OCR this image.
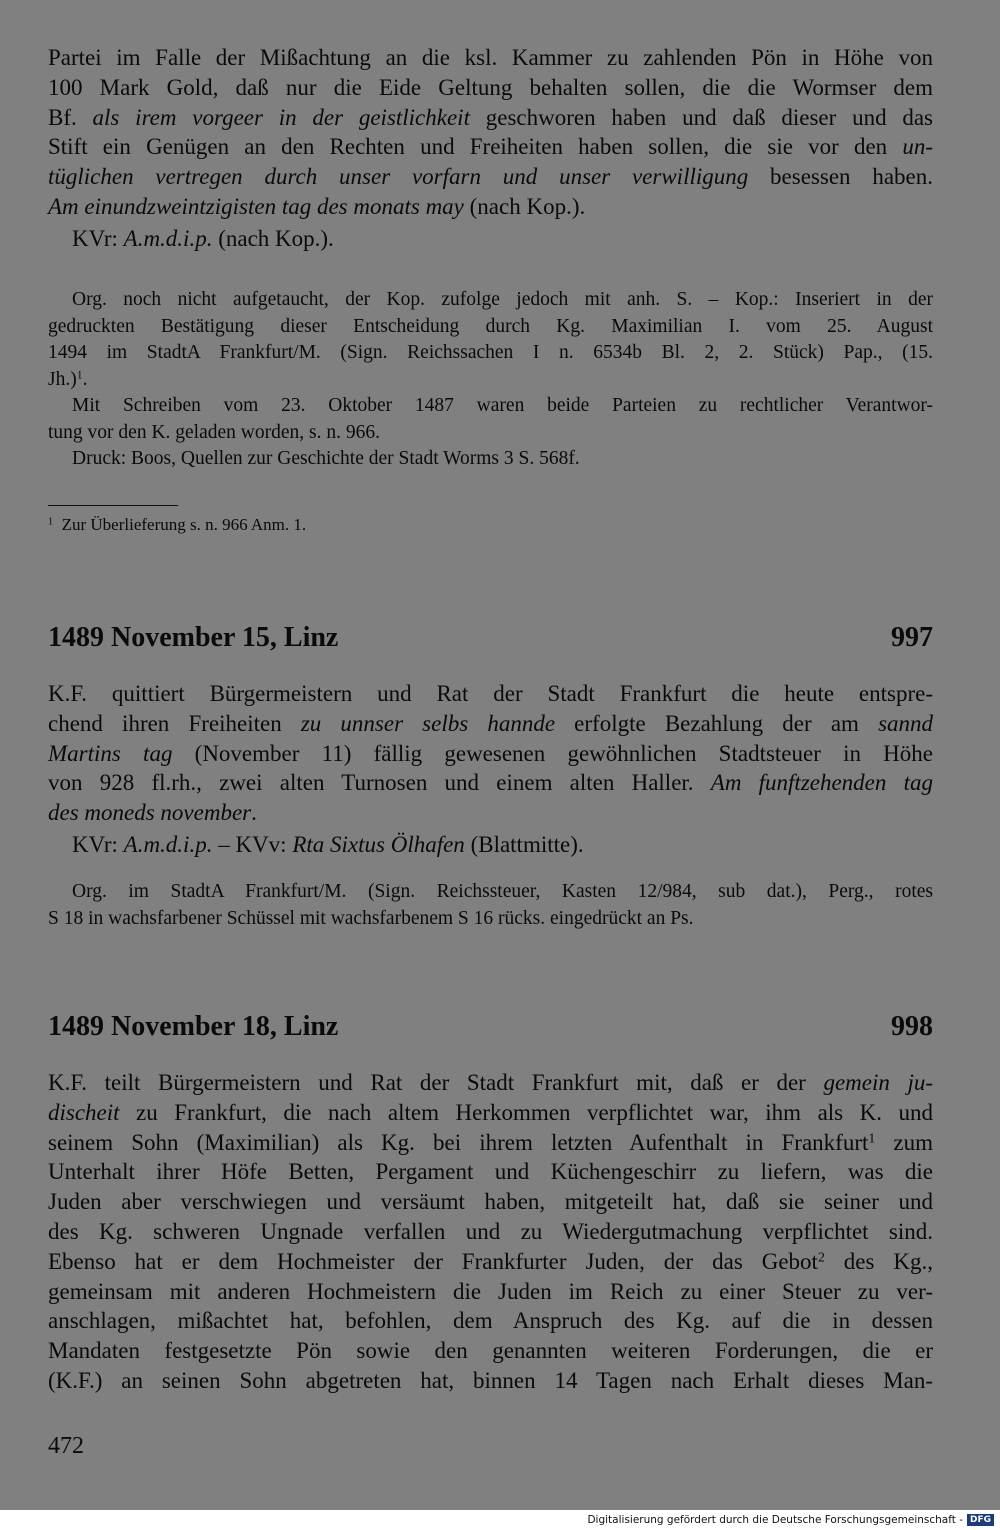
Partei im Falle der Mißachtung an die ksl. Kammer zu zahlenden Pön in Höhe von
100 Mark Gold, daß nur die Eide Geltung behalten sollen, die die Wormser dem
Bf. als irem vorgeer in der geistlichkeit geschworen haben und daß dieser und das
Stift ein Genügen an den Rechten und Freiheiten haben sollen, die sie vor den un-
tüglichen vertregen durch unser vorfarn und unser verwilligung besessen haben.
Am einundzweintzigisten tag des monats may (nach Kop.).
KVr: A.m.d.i.p. (nach Kop.).
Org. noch nicht aufgetaucht, der Kop. zufolge jedoch mit anh. S. – Kop.: Inseriert in der
gedruckten Bestätigung dieser Entscheidung durch Kg. Maximilian I. vom 25. August
1494 im StadtA Frankfurt/M. (Sign. Reichssachen I n. 6534b Bl. 2, 2. Stück) Pap., (15.
Jh.)$^1$.
Mit Schreiben vom 23. Oktober 1487 waren beide Parteien zu rechtlicher Verantwor-
tung vor den K. geladen worden, s. n. 966.
Druck: Boos, Quellen zur Geschichte der Stadt Worms 3 S. 568f.
$^1$ Zur Überlieferung s. n. 966 Anm. 1.
1489 November 15, Linz	997
K.F. quittiert Bürgermeistern und Rat der Stadt Frankfurt die heute entspre-
chend ihren Freiheiten zu unnser selbs hannde erfolgte Bezahlung der am sannd
Martins tag (November 11) fällig gewesenen gewöhnlichen Stadtsteuer in Höhe
von 928 fl.rh., zwei alten Turnosen und einem alten Haller. Am funftzehenden tag
des moneds november.
KVr: A.m.d.i.p. – KVv: Rta Sixtus Ölhafen (Blattmitte).
Org. im StadtA Frankfurt/M. (Sign. Reichssteuer, Kasten 12/984, sub dat.), Perg., rotes
S 18 in wachsfarbener Schüssel mit wachsfarbenem S 16 rücks. eingedrückt an Ps.
1489 November 18, Linz	998
K.F. teilt Bürgermeistern und Rat der Stadt Frankfurt mit, daß er der gemein ju-
discheit zu Frankfurt, die nach altem Herkommen verpflichtet war, ihm als K. und
seinem Sohn (Maximilian) als Kg. bei ihrem letzten Aufenthalt in Frankfurt$^1$ zum
Unterhalt ihrer Höfe Betten, Pergament und Küchengeschirr zu liefern, was die
Juden aber verschwiegen und versäumt haben, mitgeteilt hat, daß sie seiner und
des Kg. schweren Ungnade verfallen und zu Wiedergutmachung verpflichtet sind.
Ebenso hat er dem Hochmeister der Frankfurter Juden, der das Gebot$^2$ des Kg.,
gemeinsam mit anderen Hochmeistern die Juden im Reich zu einer Steuer zu ver-
anschlagen, mißachtet hat, befohlen, dem Anspruch des Kg. auf die in dessen
Mandaten festgesetzte Pön sowie den genannten weiteren Forderungen, die er
(K.F.) an seinen Sohn abgetreten hat, binnen 14 Tagen nach Erhalt dieses Man-
472
Digitalisierung gefördert durch die Deutsche Forschungsgemeinschaft - DFG
